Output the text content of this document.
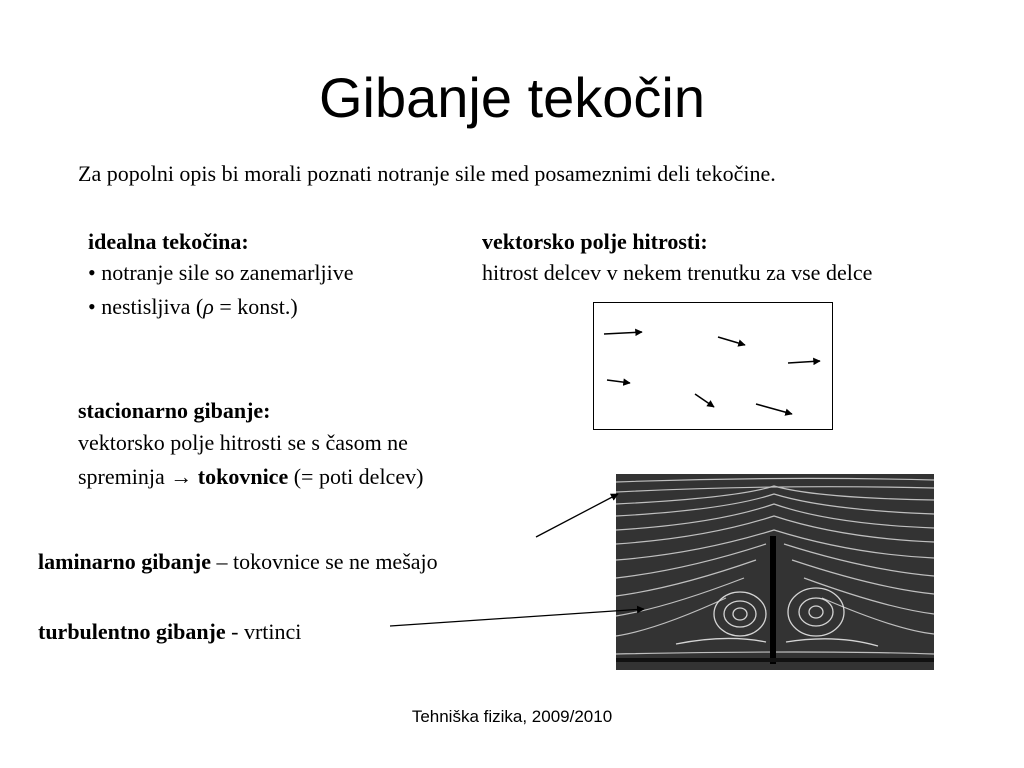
Gibanje tekočin
Za popolni opis bi morali poznati notranje sile med posameznimi deli tekočine.
idealna tekočina:
• notranje sile so zanemarljive
• nestisljiva (ρ = konst.)
vektorsko polje hitrosti:
hitrost delcev v nekem trenutku za vse delce
stacionarno gibanje:
vektorsko polje hitrosti se s časom ne
spreminja → tokovnice (= poti delcev)
laminarno gibanje – tokovnice se ne mešajo
turbulentno gibanje - vrtinci
Tehniška fizika, 2009/2010
